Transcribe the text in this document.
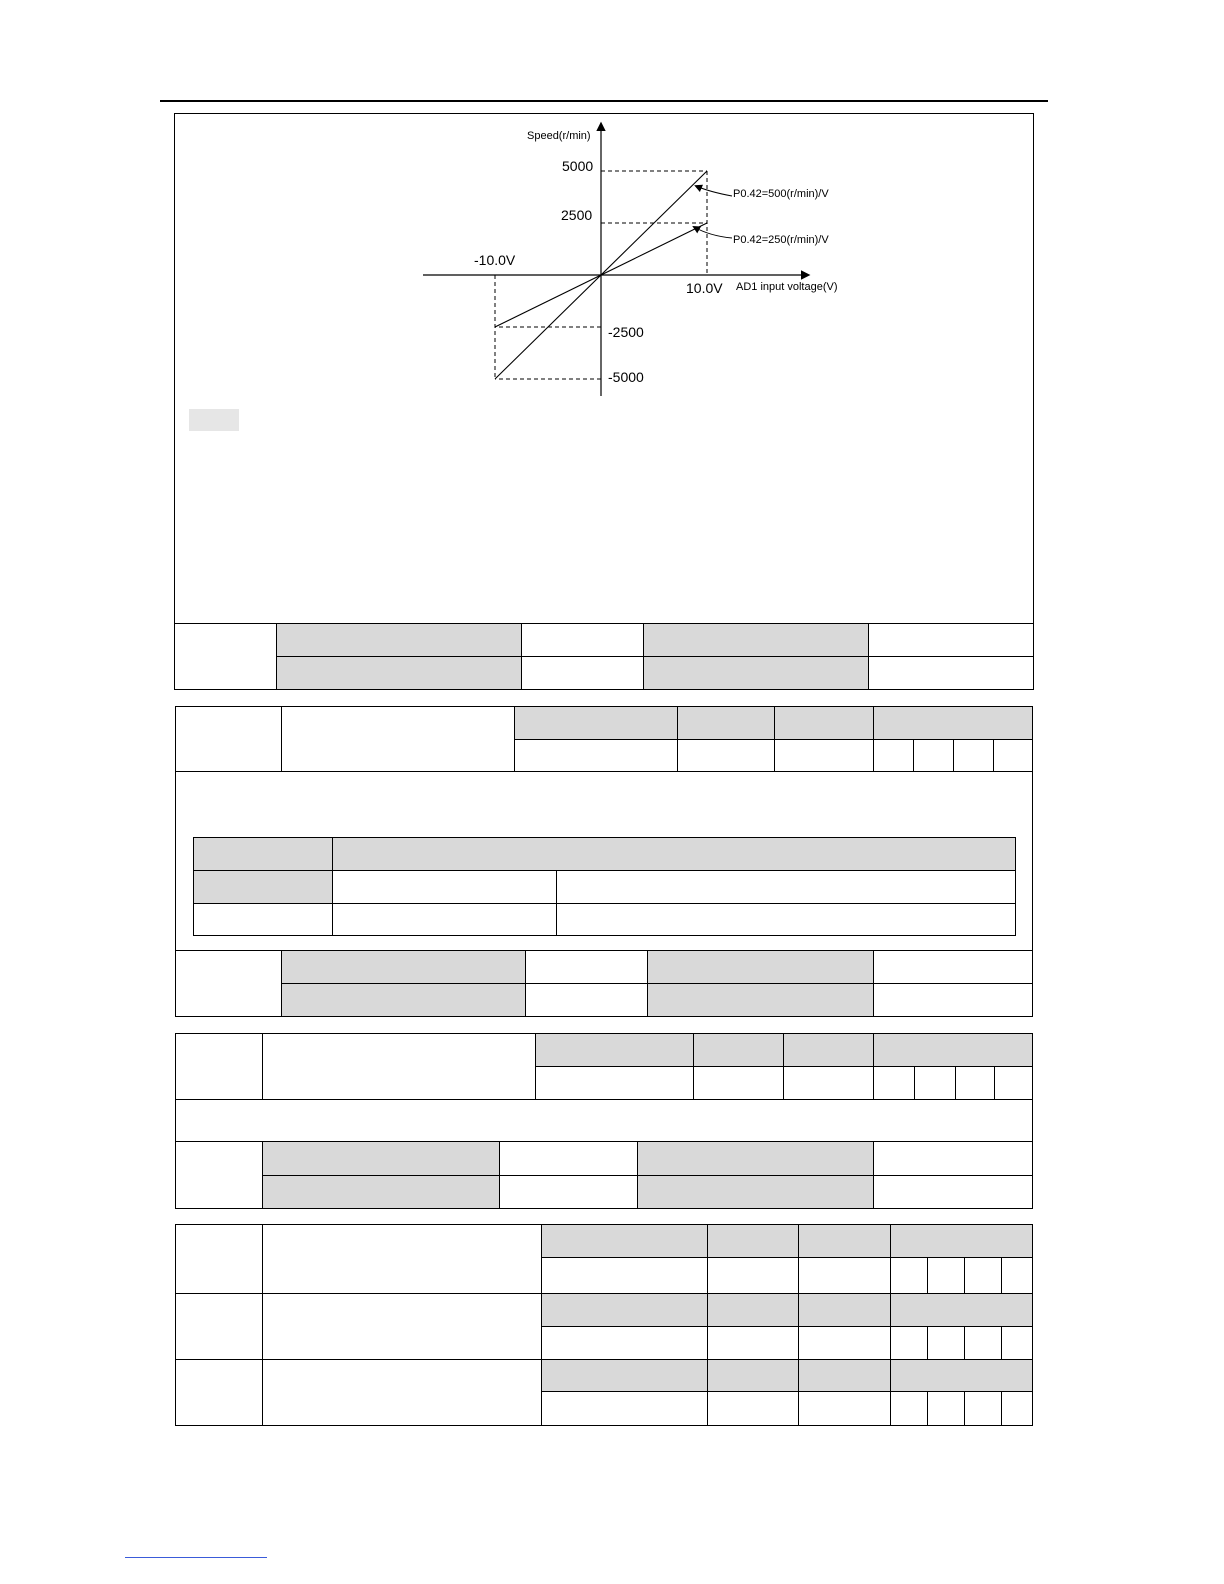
Speed(r/min)
AD1 input voltage(V)
5000
2500
-2500
-5000
-10.0V
10.0V
P0.42=500(r/min)/V
P0.42=250(r/min)/V
